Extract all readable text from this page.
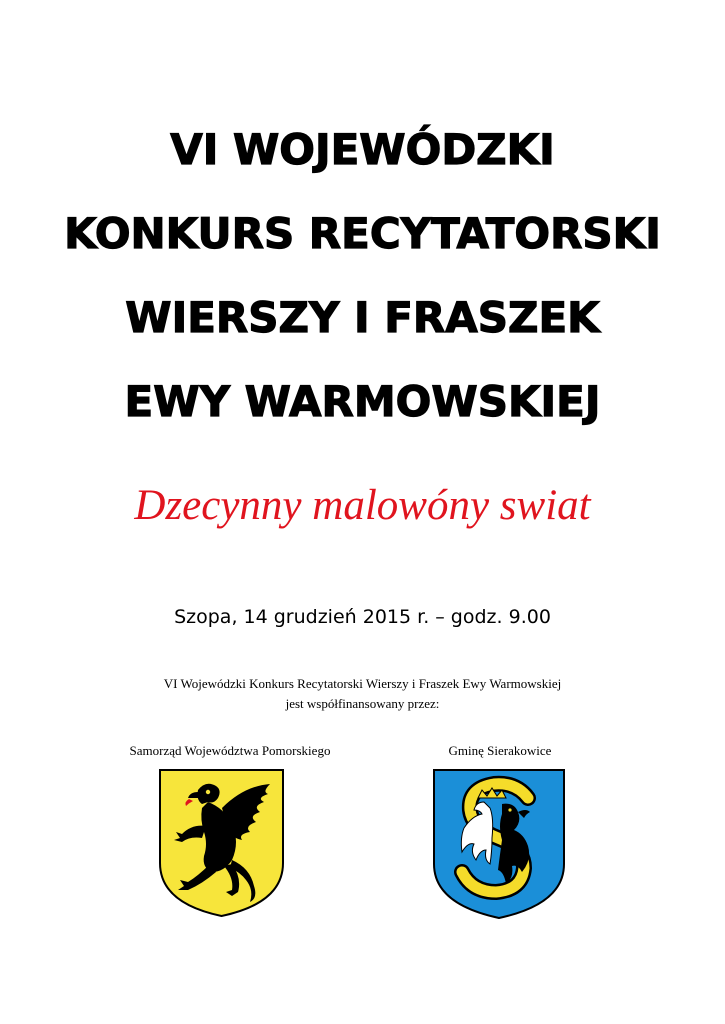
VI WOJEWÓDZKI
KONKURS RECYTATORSKI
WIERSZY I FRASZEK
EWY WARMOWSKIEJ
Dzecynny malowóny swiat
Szopa, 14 grudzień 2015 r. – godz. 9.00
VI Wojewódzki Konkurs Recytatorski Wierszy i Fraszek Ewy Warmowskiej
jest współfinansowany przez:
Samorząd Województwa Pomorskiego	Gminę Sierakowice
